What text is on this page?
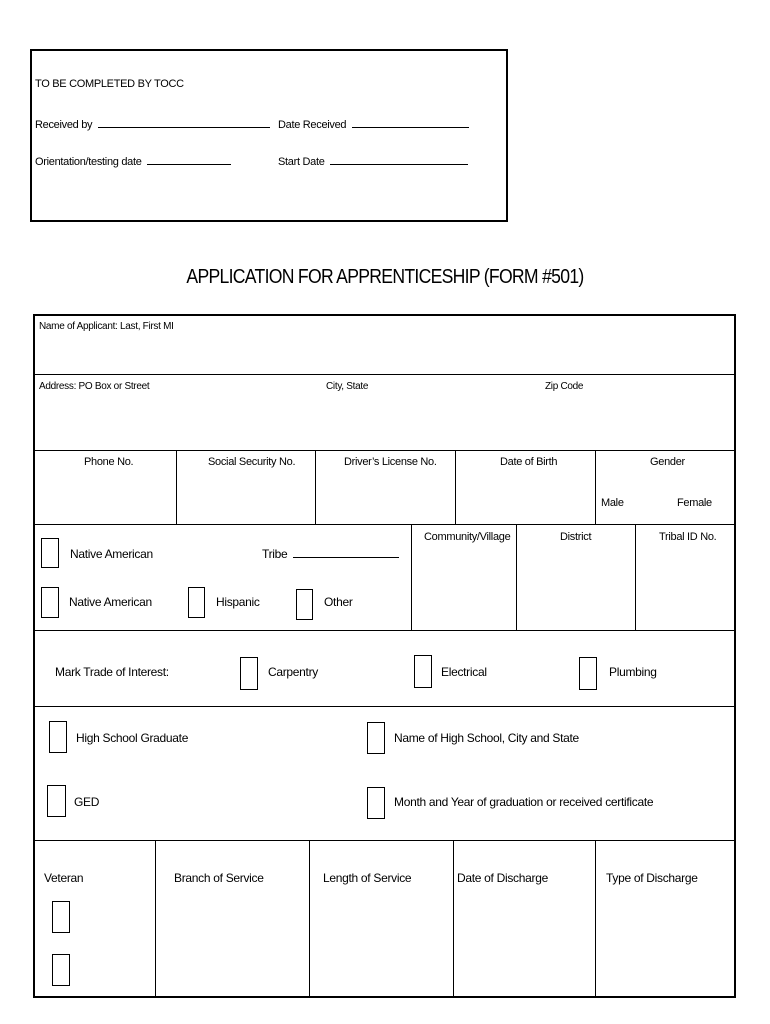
TO BE COMPLETED BY TOCC
Received by	Date Received
Orientation/testing date	Start Date
APPLICATION FOR APPRENTICESHIP (FORM #501)
Name of Applicant: Last, First MI
Address: PO Box or Street	City, State	Zip Code
Phone No.	Social Security No.	Driver’s License No.	Date of Birth	Gender
Male	Female
Native American	Tribe
Native American	Hispanic	Other
Community/Village	District	Tribal ID No.
Mark Trade of Interest:	Carpentry	Electrical	Plumbing
High School Graduate	Name of High School, City and State
GED	Month and Year of graduation or received certificate
Veteran	Branch of Service	Length of Service	Date of Discharge	Type of Discharge
